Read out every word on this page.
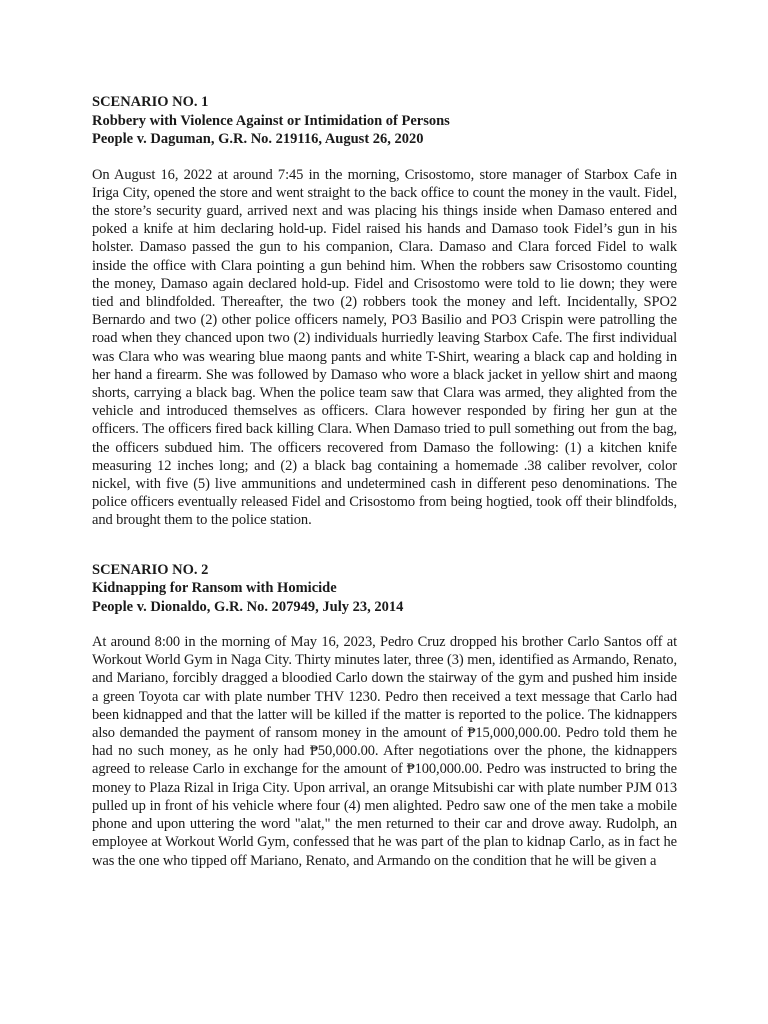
SCENARIO NO. 1

Robbery with Violence Against or Intimidation of Persons

People v. Daguman, G.R. No. 219116, August 26, 2020

On August 16, 2022 at around 7:45 in the morning, Crisostomo, store manager of Starbox Cafe in Iriga City, opened the store and went straight to the back office to count the money in the vault. Fidel, the store’s security guard, arrived next and was placing his things inside when Damaso entered and poked a knife at him declaring hold-up. Fidel raised his hands and Damaso took Fidel’s gun in his holster. Damaso passed the gun to his companion, Clara. Damaso and Clara forced Fidel to walk inside the office with Clara pointing a gun behind him. When the robbers saw Crisostomo counting the money, Damaso again declared hold-up. Fidel and Crisostomo were told to lie down; they were tied and blindfolded. Thereafter, the two (2) robbers took the money and left. Incidentally, SPO2 Bernardo and two (2) other police officers namely, PO3 Basilio and PO3 Crispin were patrolling the road when they chanced upon two (2) individuals hurriedly leaving Starbox Cafe. The first individual was Clara who was wearing blue maong pants and white T-Shirt, wearing a black cap and holding in her hand a firearm. She was followed by Damaso who wore a black jacket in yellow shirt and maong shorts, carrying a black bag. When the police team saw that Clara was armed, they alighted from the vehicle and introduced themselves as officers. Clara however responded by firing her gun at the officers. The officers fired back killing Clara. When Damaso tried to pull something out from the bag, the officers subdued him. The officers recovered from Damaso the following: (1) a kitchen knife measuring 12 inches long; and (2) a black bag containing a homemade .38 caliber revolver, color nickel, with five (5) live ammunitions and undetermined cash in different peso denominations. The police officers eventually released Fidel and Crisostomo from being hogtied, took off their blindfolds, and brought them to the police station.

SCENARIO NO. 2

Kidnapping for Ransom with Homicide

People v. Dionaldo, G.R. No. 207949, July 23, 2014

At around 8:00 in the morning of May 16, 2023, Pedro Cruz dropped his brother Carlo Santos off at Workout World Gym in Naga City. Thirty minutes later, three (3) men, identified as Armando, Renato, and Mariano, forcibly dragged a bloodied Carlo down the stairway of the gym and pushed him inside a green Toyota car with plate number THV 1230. Pedro then received a text message that Carlo had been kidnapped and that the latter will be killed if the matter is reported to the police. The kidnappers also demanded the payment of ransom money in the amount of ₱15,000,000.00. Pedro told them he had no such money, as he only had ₱50,000.00. After negotiations over the phone, the kidnappers agreed to release Carlo in exchange for the amount of ₱100,000.00. Pedro was instructed to bring the money to Plaza Rizal in Iriga City. Upon arrival, an orange Mitsubishi car with plate number PJM 013 pulled up in front of his vehicle where four (4) men alighted. Pedro saw one of the men take a mobile phone and upon uttering the word "alat," the men returned to their car and drove away. Rudolph, an employee at Workout World Gym, confessed that he was part of the plan to kidnap Carlo, as in fact he was the one who tipped off Mariano, Renato, and Armando on the condition that he will be given a
